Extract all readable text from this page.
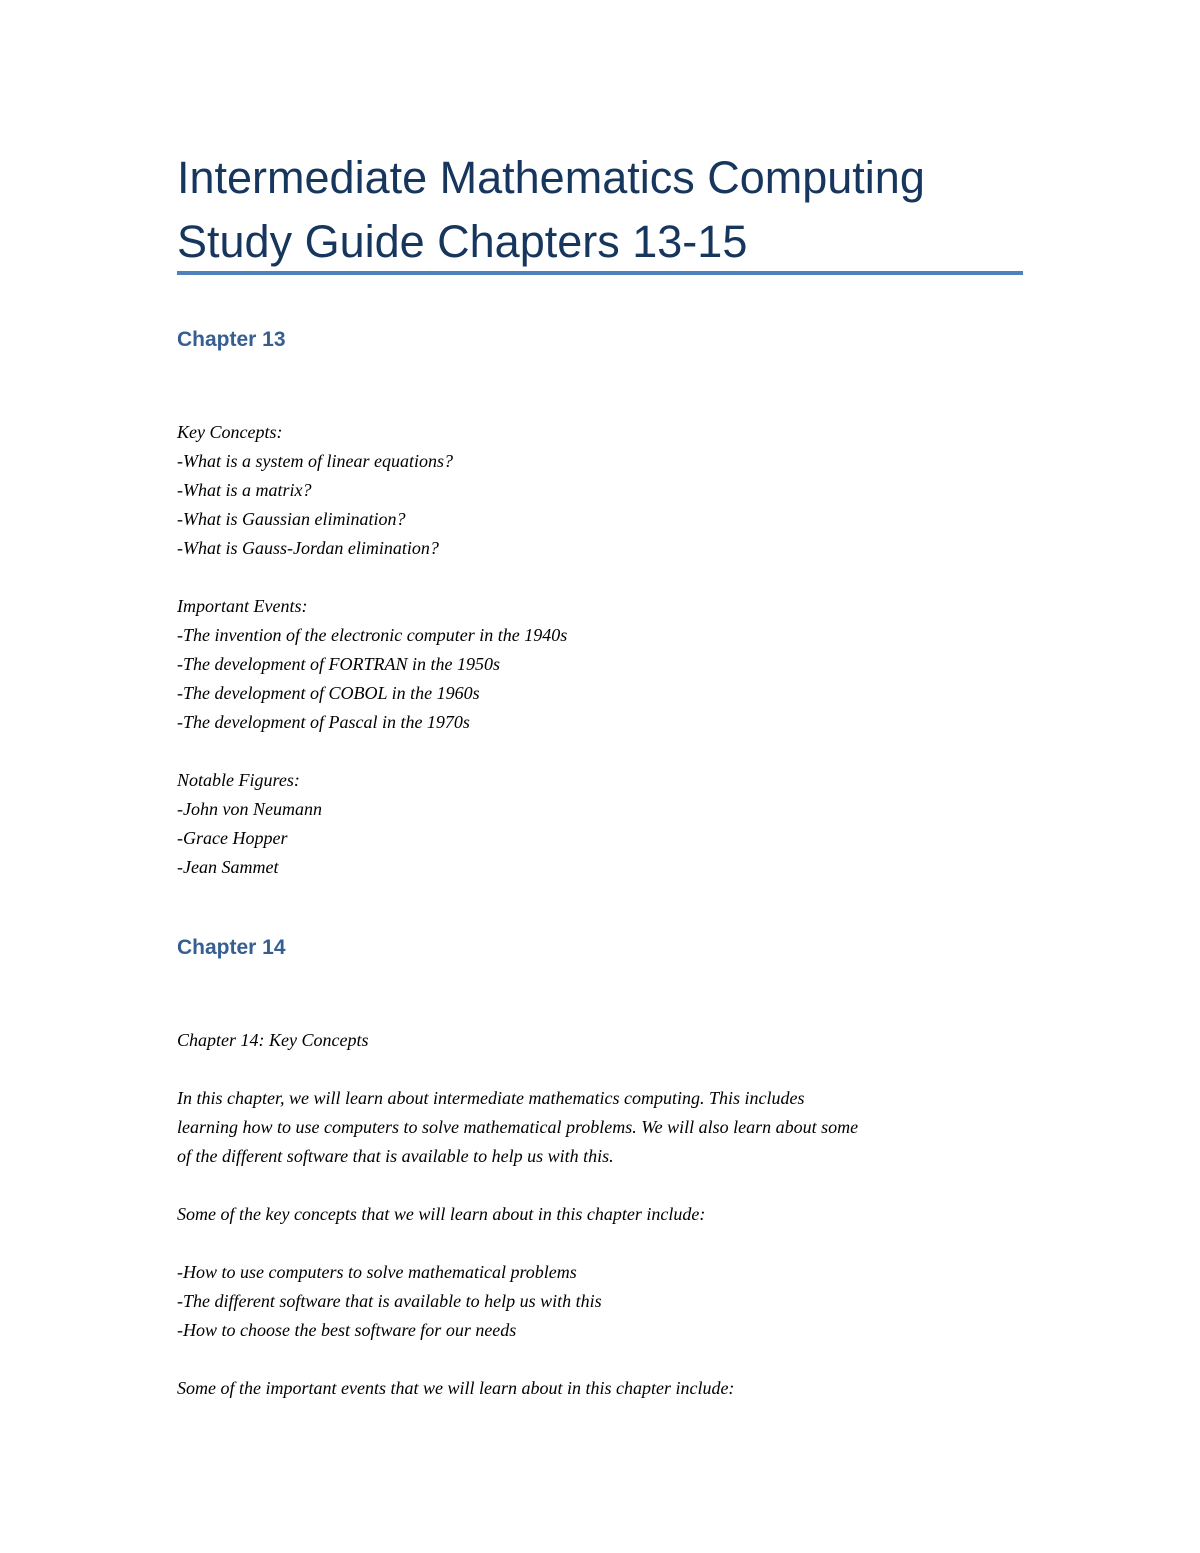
Intermediate Mathematics Computing
Study Guide Chapters 13-15
Chapter 13

Key Concepts:

-What is a system of linear equations?

-What is a matrix?

-What is Gaussian elimination?

-What is Gauss-Jordan elimination?

Important Events:

-The invention of the electronic computer in the 1940s

-The development of FORTRAN in the 1950s

-The development of COBOL in the 1960s

-The development of Pascal in the 1970s

Notable Figures:

-John von Neumann

-Grace Hopper

-Jean Sammet

Chapter 14

Chapter 14: Key Concepts

In this chapter, we will learn about intermediate mathematics computing. This includes

learning how to use computers to solve mathematical problems. We will also learn about some

of the different software that is available to help us with this.

Some of the key concepts that we will learn about in this chapter include:

-How to use computers to solve mathematical problems

-The different software that is available to help us with this

-How to choose the best software for our needs

Some of the important events that we will learn about in this chapter include:
